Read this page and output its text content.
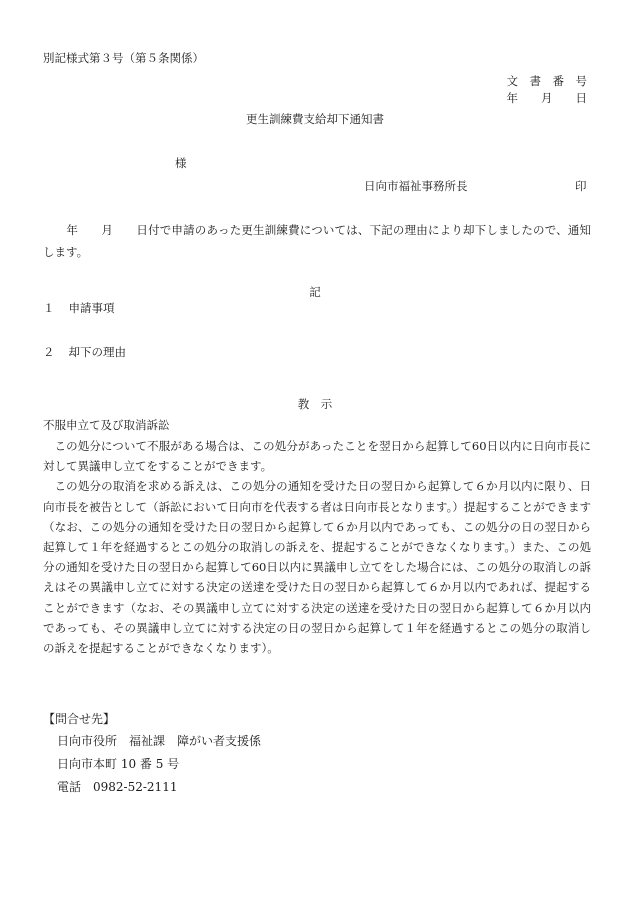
別記様式第３号（第５条関係）
文　書　番　号
年　　月　　日
更生訓練費支給却下通知書
様
日向市福祉事務所長	印

　　年　　月　　日付で申請のあった更生訓練費については、下記の理由により却下しましたので、通知します。

記
１ 申請事項
２ 却下の理由
教　示
不服申立て及び取消訴訟

この処分について不服がある場合は、この処分があったことを翌日から起算して60日以内に日向市長に対して異議申し立てをすることができます。

この処分の取消を求める訴えは、この処分の通知を受けた日の翌日から起算して６か月以内に限り、日向市長を被告として（訴訟において日向市を代表する者は日向市長となります。）提起することができます（なお、この処分の通知を受けた日の翌日から起算して６か月以内であっても、この処分の日の翌日から起算して１年を経過するとこの処分の取消しの訴えを、提起することができなくなります。）また、この処分の通知を受けた日の翌日から起算して60日以内に異議申し立てをした場合には、この処分の取消しの訴えはその異議申し立てに対する決定の送達を受けた日の翌日から起算して６か月以内であれば、提起することができます（なお、その異議申し立てに対する決定の送達を受けた日の翌日から起算して６か月以内であっても、その異議申し立てに対する決定の日の翌日から起算して１年を経過するとこの処分の取消しの訴えを提起することができなくなります）。

【問合せ先】
日向市役所　福祉課　障がい者支援係
日向市本町 10 番 5 号
電話　0982-52-2111
